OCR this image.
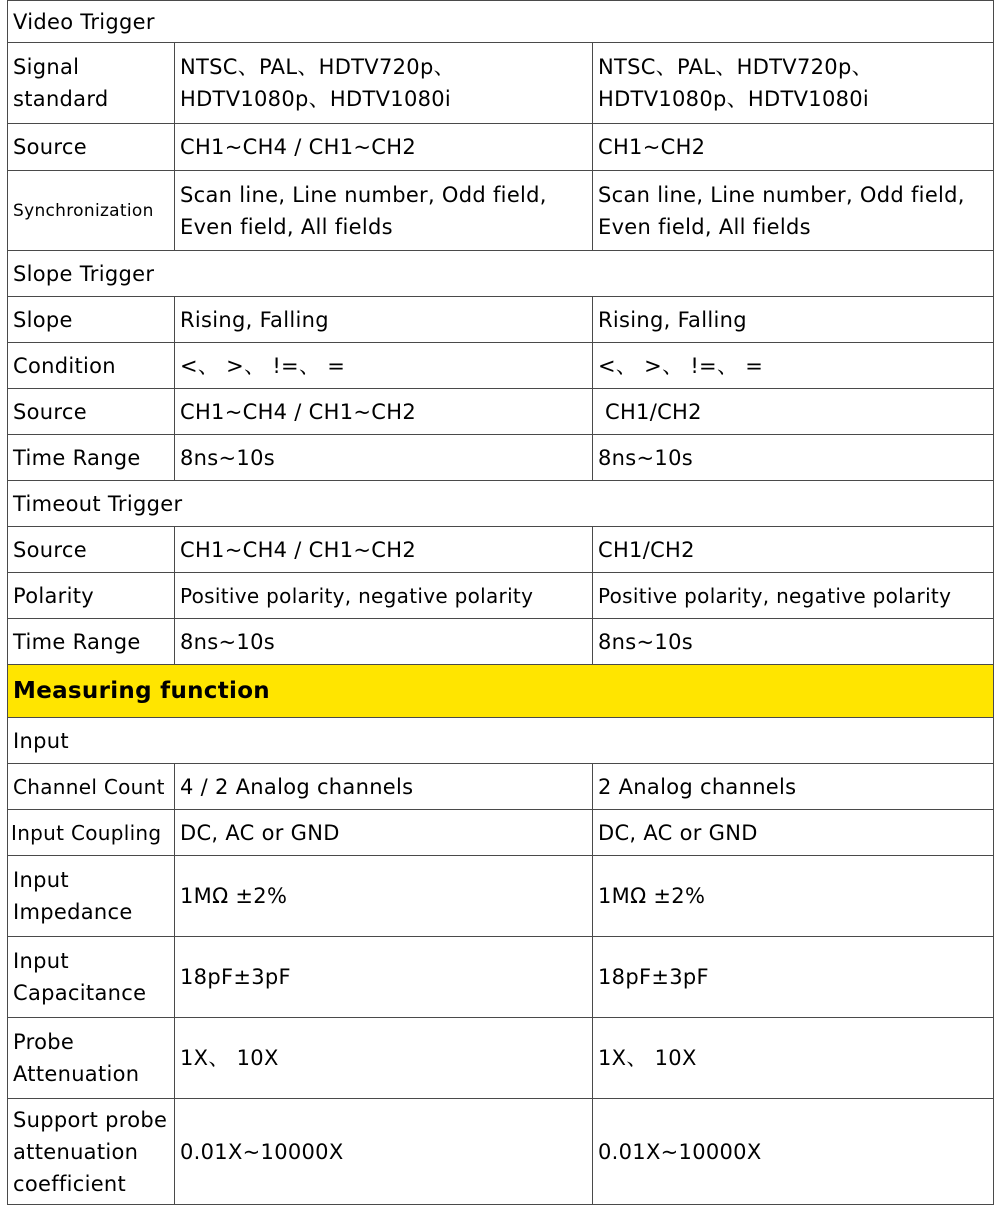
Video Trigger		
Signal standard	NTSC、PAL、HDTV720p、HDTV1080p、HDTV1080i	NTSC、PAL、HDTV720p、HDTV1080p、HDTV1080i
Source	CH1~CH4 / CH1~CH2	CH1~CH2
Synchronization	Scan line, Line number, Odd field, Even field, All fields	Scan line, Line number, Odd field, Even field, All fields
Slope Trigger		
Slope	Rising, Falling	Rising, Falling
Condition	<、 >、 !=、 =	<、 >、 !=、 =
Source	CH1~CH4 / CH1~CH2	CH1/CH2
Time Range	8ns~10s	8ns~10s
Timeout Trigger		
Source	CH1~CH4 / CH1~CH2	CH1/CH2
Polarity	Positive polarity, negative polarity	Positive polarity, negative polarity
Time Range	8ns~10s	8ns~10s
Measuring function		
Input		
Channel Count	4 / 2 Analog channels	2 Analog channels
Input Coupling	DC, AC or GND	DC, AC or GND
Input Impedance	1MΩ ±2%	1MΩ ±2%
Input Capacitance	18pF±3pF	18pF±3pF
Probe Attenuation	1X、 10X	1X、 10X
Support probe attenuation coefficient	0.01X~10000X	0.01X~10000X
